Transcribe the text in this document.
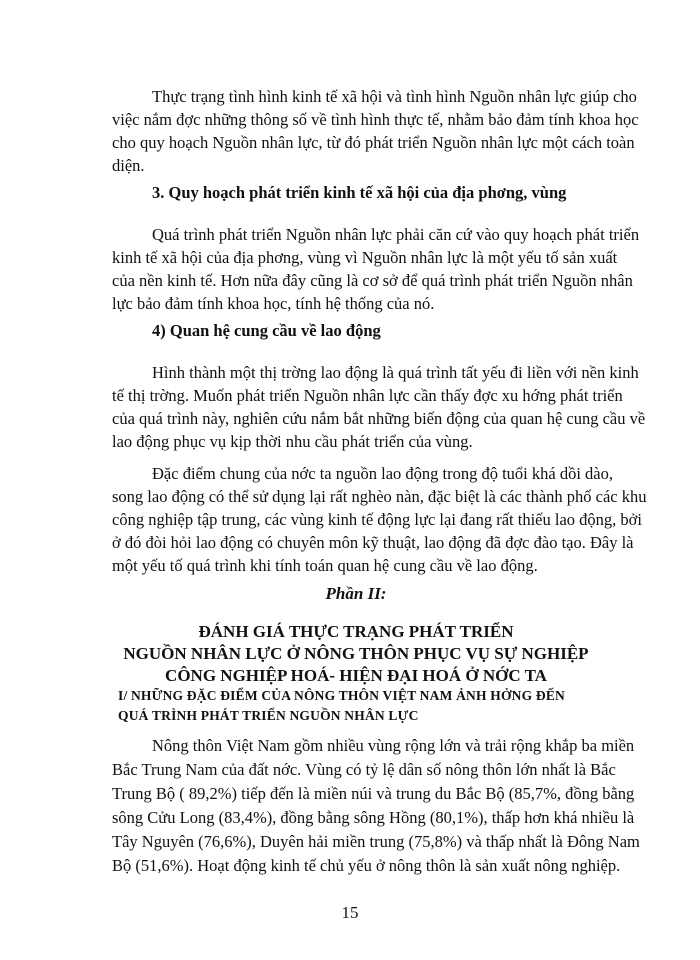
Thực trạng tình hình kinh tế xã hội và tình hình Nguồn nhân lực giúp cho
việc nắm đợc những thông số về tình hình thực tế, nhằm bảo đảm tính khoa học
cho quy hoạch Nguồn nhân lực, từ đó phát triển Nguồn nhân lực một cách toàn
diện.
3. Quy hoạch phát triển kinh tế xã hội của địa phơng, vùng
Quá trình phát triển Nguồn nhân lực phải căn cứ vào quy hoạch phát triển
kinh tế xã hội của địa phơng, vùng vì Nguồn nhân lực là một yếu tố sản xuất
của nền kinh tế. Hơn nữa đây cũng là cơ sở để quá trình phát triển Nguồn nhân
lực bảo đảm tính khoa học, tính hệ thống của nó.
4) Quan hệ cung cầu về lao động
Hình thành một thị trờng lao động là quá trình tất yếu đi liền với nền kinh
tế thị trờng. Muốn phát triển Nguồn nhân lực cần thấy đợc xu hớng phát triển
của quá trình này, nghiên cứu nắm bắt những biến động của quan hệ cung cầu về
lao động phục vụ kịp thời nhu cầu phát triển của vùng.
Đặc điểm chung của nớc ta nguồn lao động trong độ tuổi khá dồi dào,
song lao động có thể sử dụng lại rất nghèo nàn, đặc biệt là các thành phố các khu
công nghiệp tập trung, các vùng kinh tế động lực lại đang rất thiếu lao động, bởi
ở đó đòi hỏi lao động có chuyên môn kỹ thuật, lao động đã đợc đào tạo. Đây là
một yếu tố quá trình khi tính toán quan hệ cung cầu về lao động.
Phần II:
ĐÁNH GIÁ THỰC TRẠNG PHÁT TRIỂN
NGUỒN NHÂN LỰC Ở NÔNG THÔN PHỤC VỤ SỰ NGHIỆP
CÔNG NGHIỆP HOÁ- HIỆN ĐẠI HOÁ Ở NỚC TA
I/ NHỮNG ĐẶC ĐIỂM CỦA NÔNG THÔN VIỆT NAM ẢNH HỞNG ĐẾN
QUÁ TRÌNH PHÁT TRIỂN NGUỒN NHÂN LỰC
Nông thôn Việt Nam gồm nhiều vùng rộng lớn và trải rộng khắp ba miền
Bắc Trung Nam của đất nớc. Vùng có tỷ lệ dân số nông thôn lớn nhất là Bắc
Trung Bộ ( 89,2%) tiếp đến là miền núi và trung du Bắc Bộ (85,7%, đồng bằng
sông Cửu Long (83,4%), đồng bằng sông Hồng (80,1%), thấp hơn khá nhiều là
Tây Nguyên (76,6%), Duyên hải miền trung (75,8%) và thấp nhất là Đông Nam
Bộ (51,6%). Hoạt động kinh tế chủ yếu ở nông thôn là sản xuất nông nghiệp.
15
